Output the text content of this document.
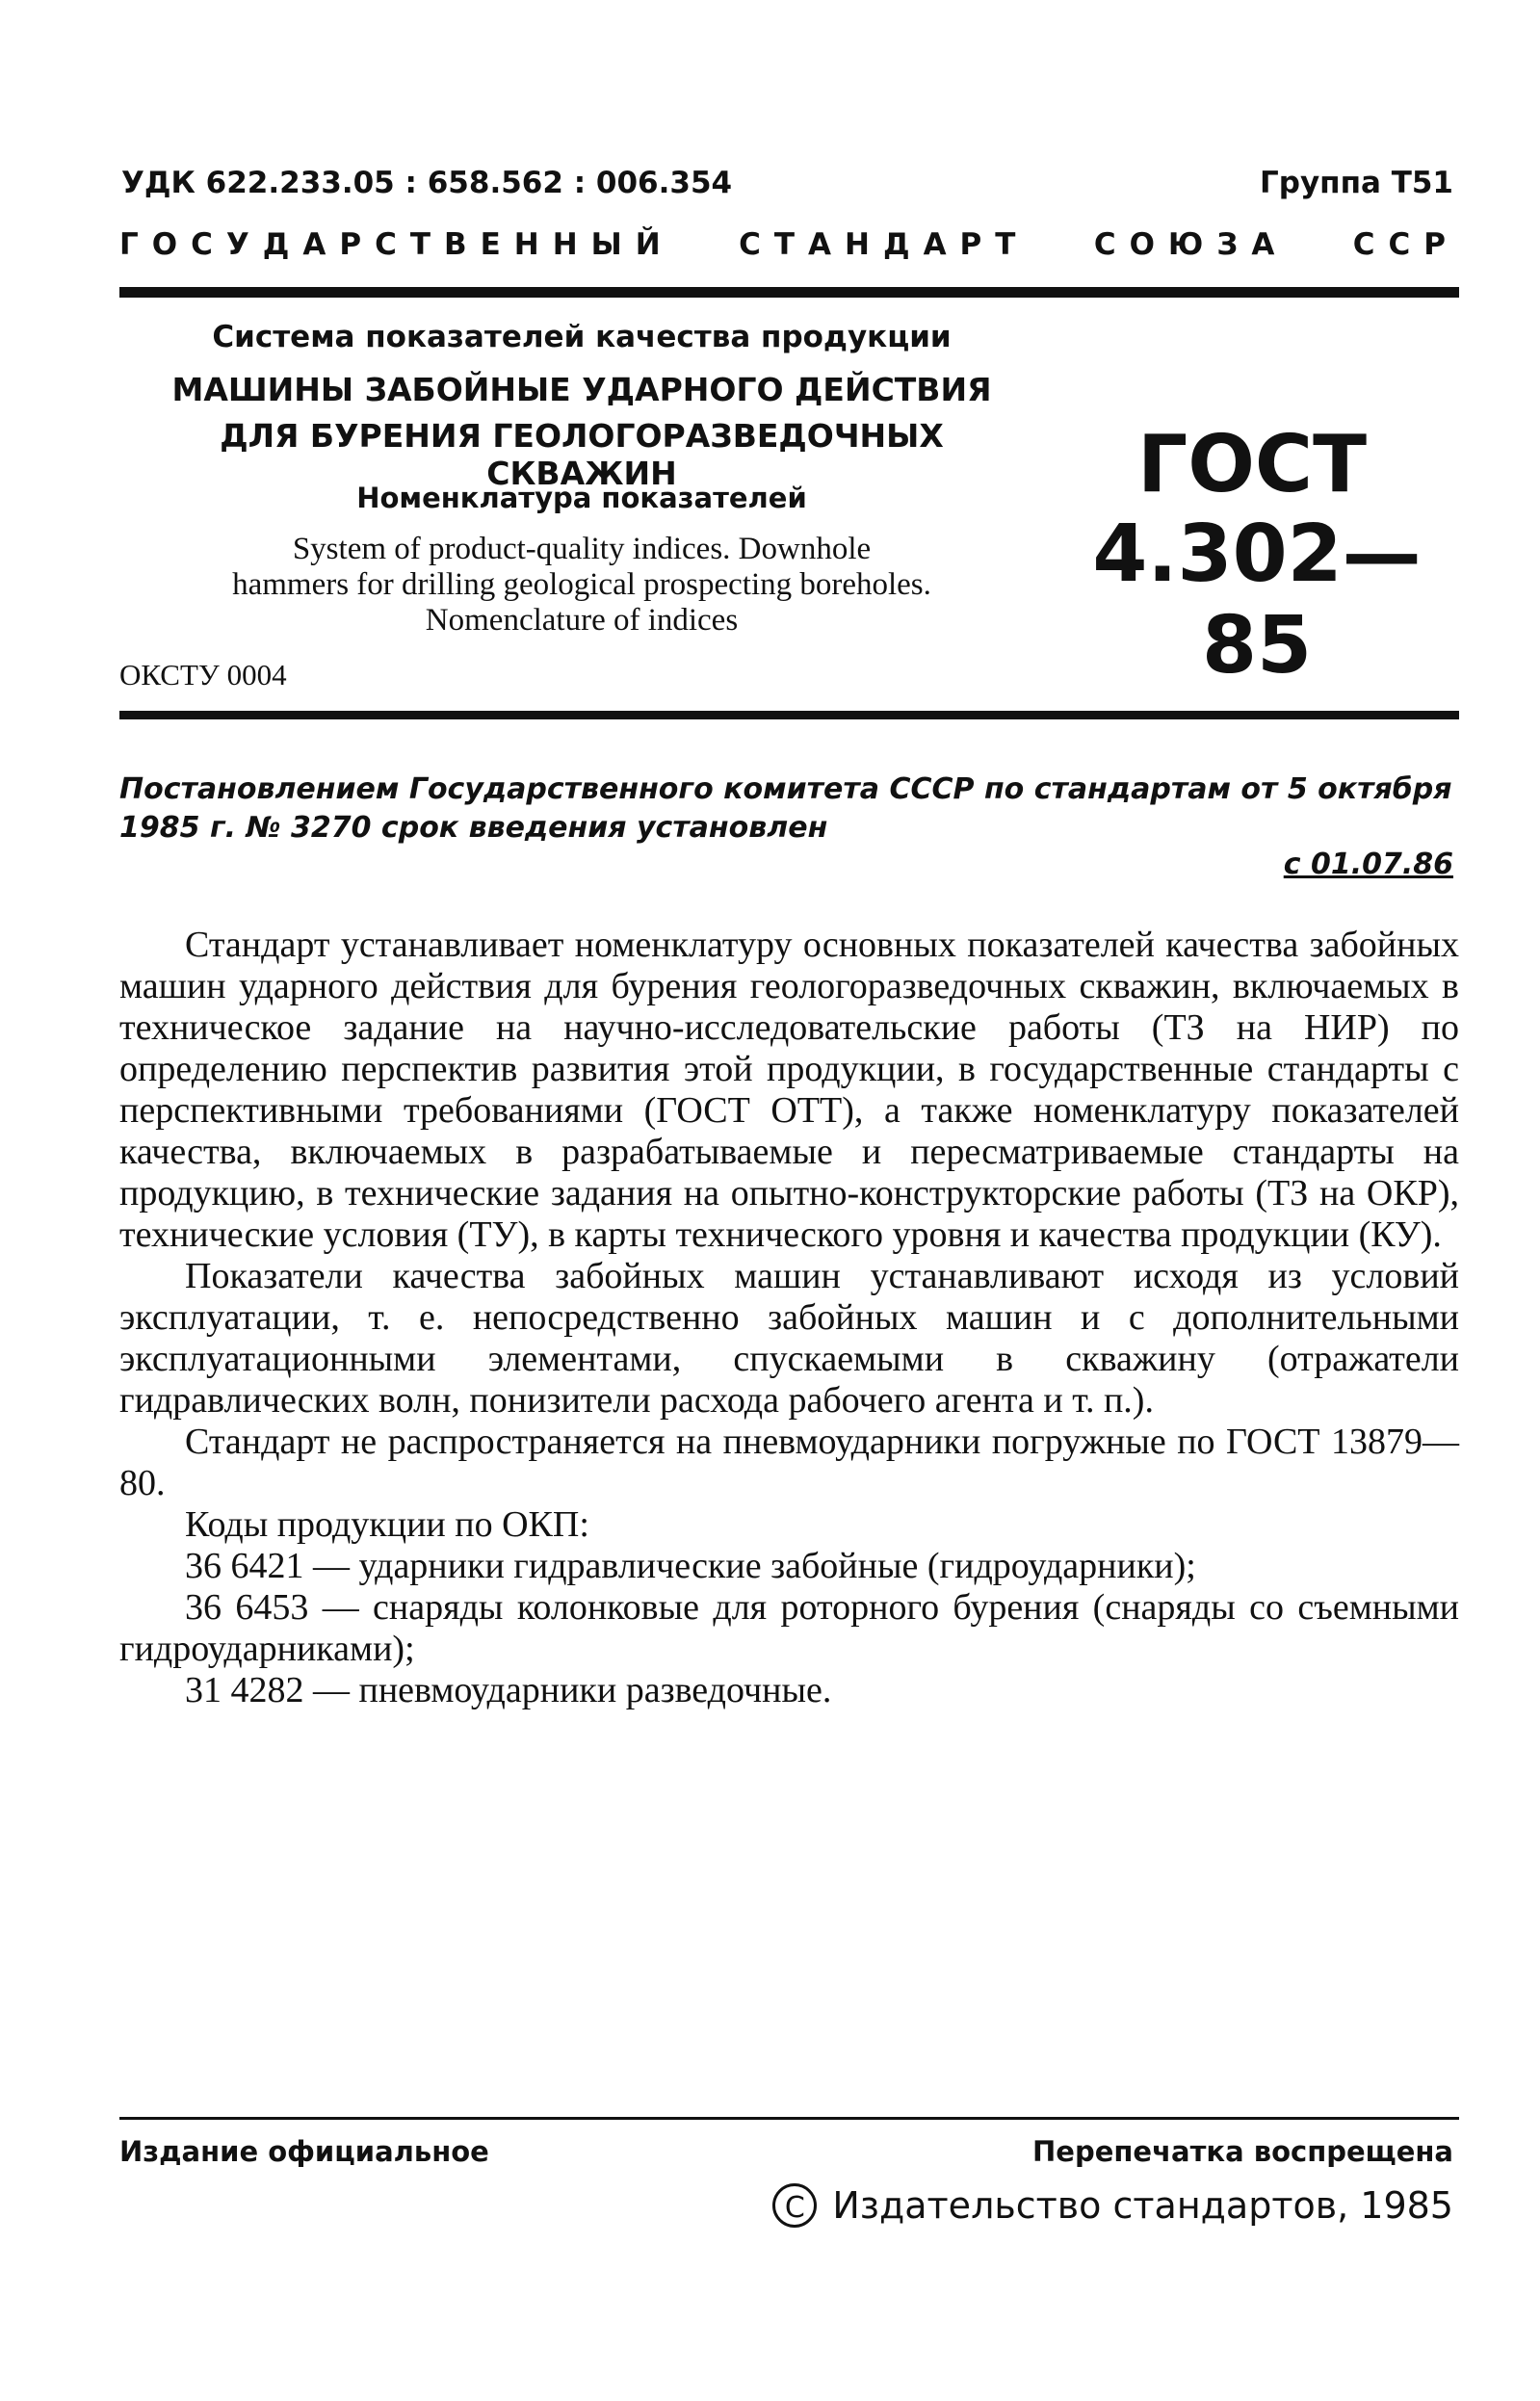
УДК 622.233.05 : 658.562 : 006.354	Группа Т51
ГОСУДАРСТВЕННЫЙ СТАНДАРТ СОЮЗА ССР
Система показателей качества продукции
МАШИНЫ ЗАБОЙНЫЕ УДАРНОГО ДЕЙСТВИЯ
ДЛЯ БУРЕНИЯ ГЕОЛОГОРАЗВЕДОЧНЫХ СКВАЖИН
Номенклатура показателей
System of product-quality indices. Downhole
hammers for drilling geological prospecting boreholes.
Nomenclature of indices
ГОСТ
4.302—85
ОКСТУ 0004
Постановлением Государственного комитета СССР по стандартам от 5 октября 1985 г. № 3270 срок введения установлен
с 01.07.86

Стандарт устанавливает номенклатуру основных показателей качества забойных машин ударного действия для бурения геологоразведочных скважин, включаемых в техническое задание на научно-исследовательские работы (ТЗ на НИР) по определению перспектив развития этой продукции, в государственные стандарты с перспективными требованиями (ГОСТ ОТТ), а также номенклатуру показателей качества, включаемых в разрабатываемые и пересматриваемые стандарты на продукцию, в технические задания на опытно-конструкторские работы (ТЗ на ОКР), технические условия (ТУ), в карты технического уровня и качества продукции (КУ).

Показатели качества забойных машин устанавливают исходя из условий эксплуатации, т. е. непосредственно забойных машин и с дополнительными эксплуатационными элементами, спускаемыми в скважину (отражатели гидравлических волн, понизители расхода рабочего агента и т. п.).

Стандарт не распространяется на пневмоударники погружные по ГОСТ 13879—80.

Коды продукции по ОКП:

36 6421 — ударники гидравлические забойные (гидроударники);

36 6453 — снаряды колонковые для роторного бурения (снаряды со съемными гидроударниками);

31 4282 — пневмоударники разведочные.

Издание официальное	Перепечатка воспрещена
C Издательство стандартов, 1985
